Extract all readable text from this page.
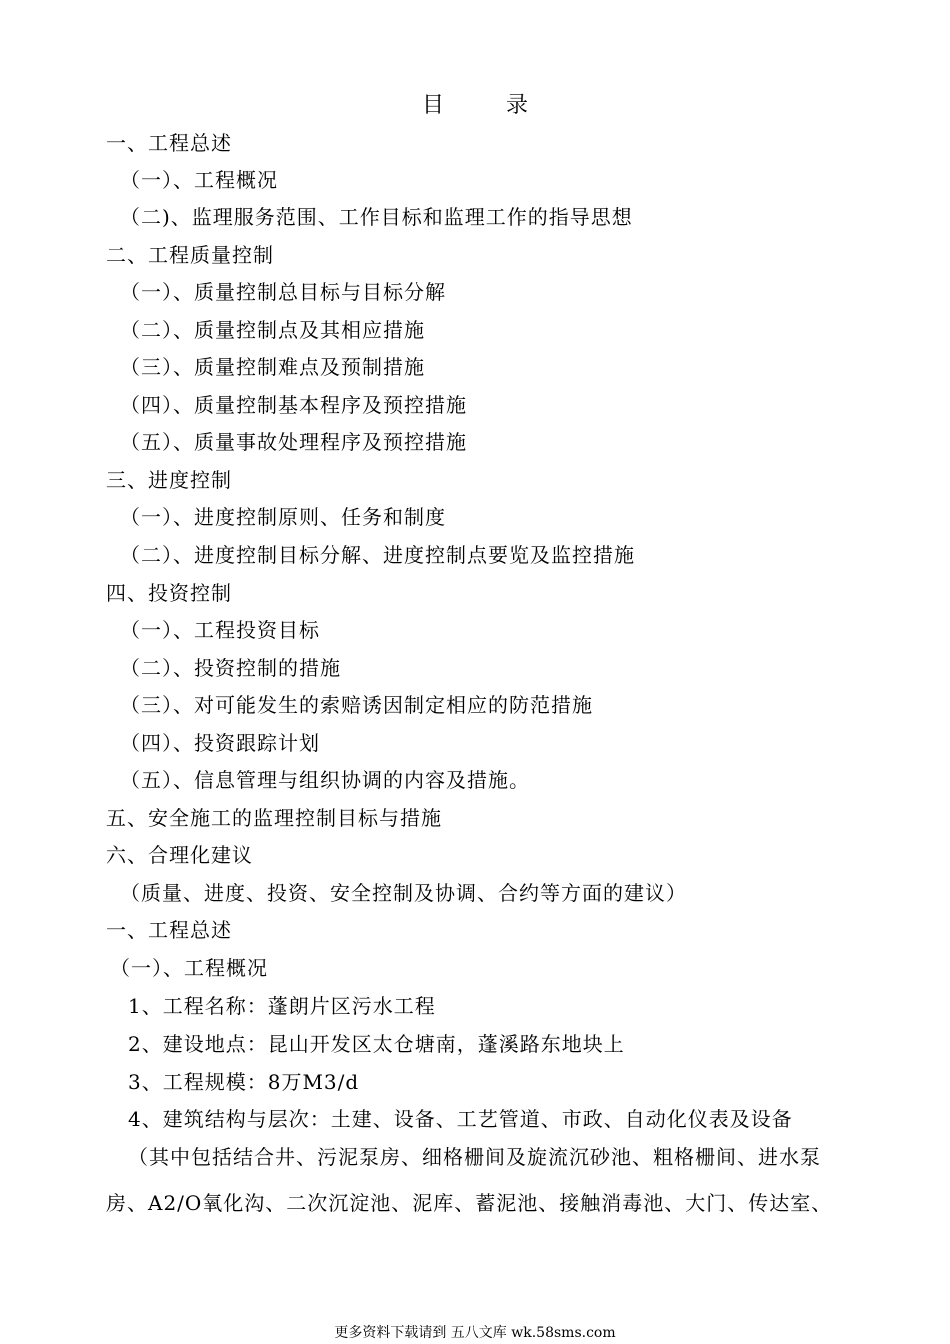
目	录
一、工程总述
（一）、工程概况
（二)、监理服务范围、工作目标和监理工作的指导思想
二、工程质量控制
（一）、质量控制总目标与目标分解
（二）、质量控制点及其相应措施
（三）、质量控制难点及预制措施
（四）、质量控制基本程序及预控措施
（五）、质量事故处理程序及预控措施
三、进度控制
（一）、进度控制原则、任务和制度
（二）、进度控制目标分解、进度控制点要览及监控措施
四、投资控制
（一）、工程投资目标
（二）、投资控制的措施
（三）、对可能发生的索赔诱因制定相应的防范措施
（四）、投资跟踪计划
（五）、信息管理与组织协调的内容及措施。
五、安全施工的监理控制目标与措施
六、合理化建议
（质量、进度、投资、安全控制及协调、合约等方面的建议）
一、工程总述
（一）、工程概况
1、工程名称：蓬朗片区污水工程
2、建设地点：昆山开发区太仓塘南，蓬溪路东地块上
3、工程规模：8万M3/d
4、建筑结构与层次：土建、设备、工艺管道、市政、自动化仪表及设备
（其中包括结合井、污泥泵房、细格栅间及旋流沉砂池、粗格栅间、进水泵
房、A2/O氧化沟、二次沉淀池、泥库、蓄泥池、接触消毒池、大门、传达室、
更多资料下载请到 五八文库 wk.58sms.com
